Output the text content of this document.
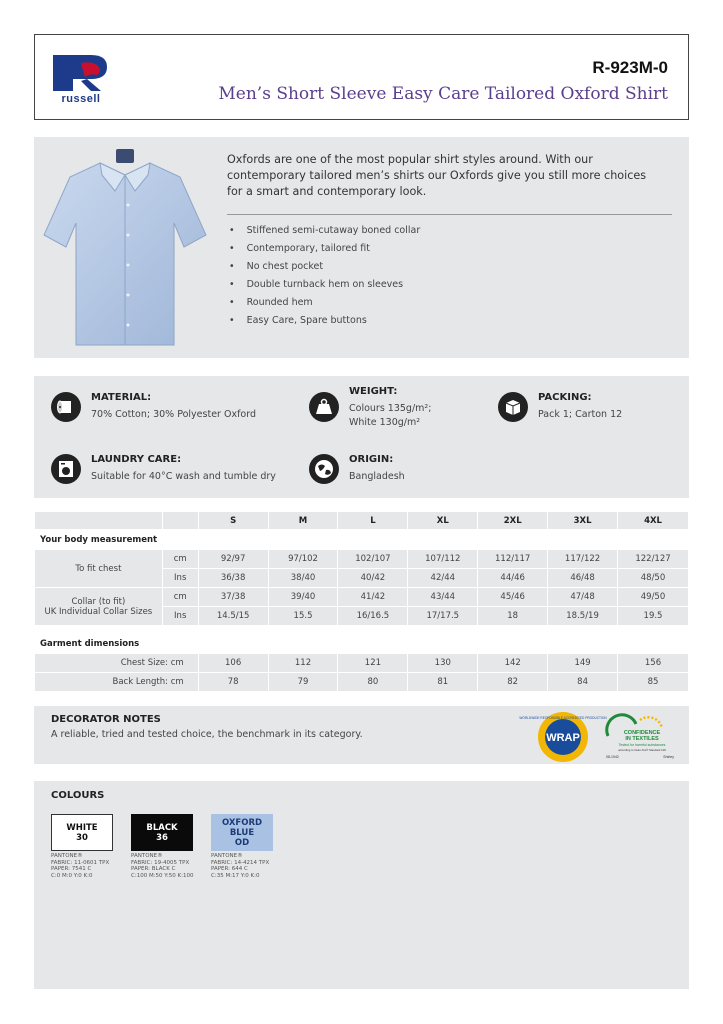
russell
R-923M-0
Men’s Short Sleeve Easy Care Tailored Oxford Shirt
Oxfords are one of the most popular shirt styles around. With our contemporary tailored men’s shirts our Oxfords give you still more choices for a smart and contemporary look.
• Stiffened semi-cutaway boned collar
• Contemporary, tailored fit
• No chest pocket
• Double turnback hem on sleeves
• Rounded hem
• Easy Care, Spare buttons
MATERIAL:
70% Cotton; 30% Polyester Oxford
WEIGHT:
Colours 135g/m²;
White 130g/m²
PACKING:
Pack 1; Carton 12
LAUNDRY CARE:
Suitable for 40°C wash and tumble dry
ORIGIN:
Bangladesh
		S	M	L	XL	2XL	3XL	4XL
Your body measurement								
To fit chest	cm	92/97	97/102	102/107	107/112	112/117	117/122	122/127
	Ins	36/38	38/40	40/42	42/44	44/46	46/48	48/50

Collar (to fit)
UK Individual Collar Sizes	cm	37/38	39/40	41/42	43/44	45/46	47/48	49/50
	Ins	14.5/15	15.5	16/16.5	17/17.5	18	18.5/19	19.5

Garment dimensions								
Chest Size: cm		106	112	121	130	142	149	156
Back Length: cm		78	79	80	81	82	84	85
DECORATOR NOTES
A reliable, tried and tested choice, the benchmark in its category.	WRAP
WORLDWIDE RESPONSIBLE ACCREDITED PRODUCTION
CONFIDENCE
IN TEXTILES
Tested for harmful substances
according to Oeko-Tex® Standard 100
08-1942	Shirley
COLOURS
WHITE
30
PANTONE®
FABRIC: 11-0601 TPX
PAPER: 7541 C
C:0 M:0 Y:0 K:0
BLACK
36
PANTONE®
FABRIC: 19-4005 TPX
PAPER: BLACK C
C:100 M:50 Y:50 K:100
OXFORD
BLUE
OD
PANTONE®
FABRIC: 14-4214 TPX
PAPER: 644 C
C:35 M:17 Y:0 K:0
